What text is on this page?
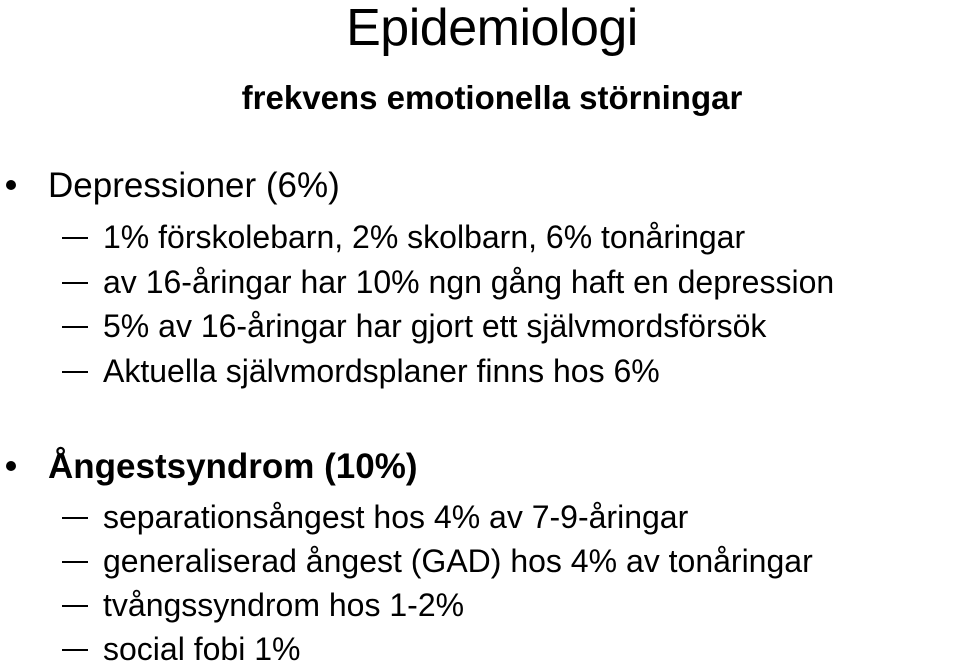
Epidemiologi
frekvens emotionella störningar
Depressioner (6%)
1% förskolebarn, 2% skolbarn, 6% tonåringar
av 16-åringar har 10% ngn gång haft en depression
5% av 16-åringar har gjort ett självmordsförsök
Aktuella självmordsplaner finns hos 6%
Ångestsyndrom (10%)
separationsångest hos 4% av 7-9-åringar
generaliserad ångest (GAD) hos 4% av tonåringar
tvångssyndrom hos 1-2%
social fobi 1%
